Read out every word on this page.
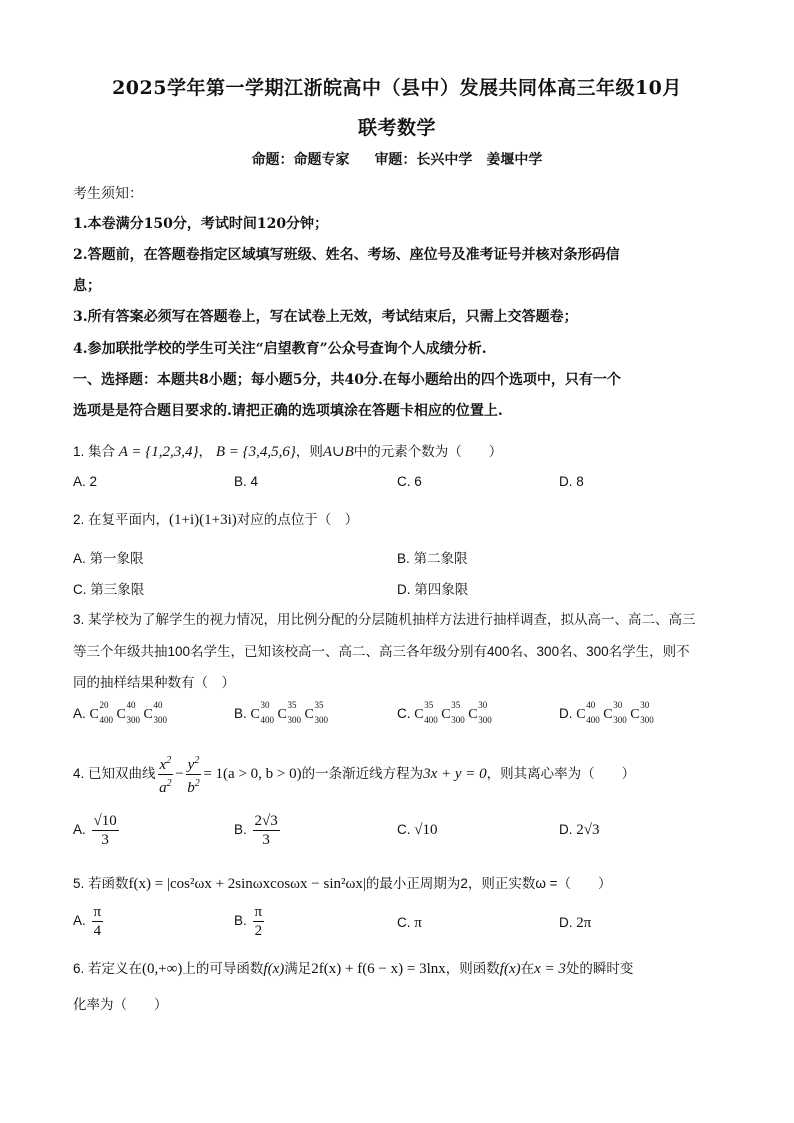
2025学年第一学期江浙皖高中（县中）发展共同体高三年级10月
联考数学
命题：命题专家 审题：长兴中学　姜堰中学
考生须知：
1.本卷满分150分，考试时间120分钟；
2.答题前，在答题卷指定区域填写班级、姓名、考场、座位号及准考证号并核对条形码信
息；
3.所有答案必须写在答题卷上，写在试卷上无效，考试结束后，只需上交答题卷；
4.参加联批学校的学生可关注“启望教育”公众号查询个人成绩分析.
一、选择题：本题共8小题；每小题5分，共40分.在每小题给出的四个选项中，只有一个
选项是是符合题目要求的.请把正确的选项填涂在答题卡相应的位置上.
1. 集合 A = {1,2,3,4}， B = {3,4,5,6}，则A∪B中的元素个数为（　　）
A. 2	B. 4	C. 6	D. 8
2. 在复平面内，(1+i)(1+3i)对应的点位于（　）
A. 第一象限	B. 第二象限
C. 第三象限	D. 第四象限
3. 某学校为了解学生的视力情况，用比例分配的分层随机抽样方法进行抽样调查，拟从高一、高二、高三
等三个年级共抽100名学生，已知该校高一、高二、高三各年级分别有400名、300名、300名学生，则不
同的抽样结果种数有（　）
A. C
20
400 C
40
300 C
40
300	B. C
30
400 C
35
300 C
35
300	C. C
35
400 C
35
300 C
30
300	D. C
40
400 C
30
300 C
30
300
4. 已知双曲线 $\frac{x^2}{a^2} - \frac{y^2}{b^2} = 1(a > 0$, b > 0)的一条渐近线方程为3x + y = 0，则其离心率为（　　）
A. $\frac{√10}{3}$	B. $\frac{2√3}{3}$	C. √10	D. 2√3
5. 若函数f(x) = |cos²ωx + 2sinωxcosωx − sin²ωx|的最小正周期为2，则正实数ω =（　　）
A. $\frac{\pi}{4}$	B. $\frac{\pi}{2}$	C. π	D. 2π
6. 若定义在(0,+∞)上的可导函数f(x)满足2f(x) + f(6 − x) = 3lnx，则函数f(x)在x = 3处的瞬时变
化率为（　　）
